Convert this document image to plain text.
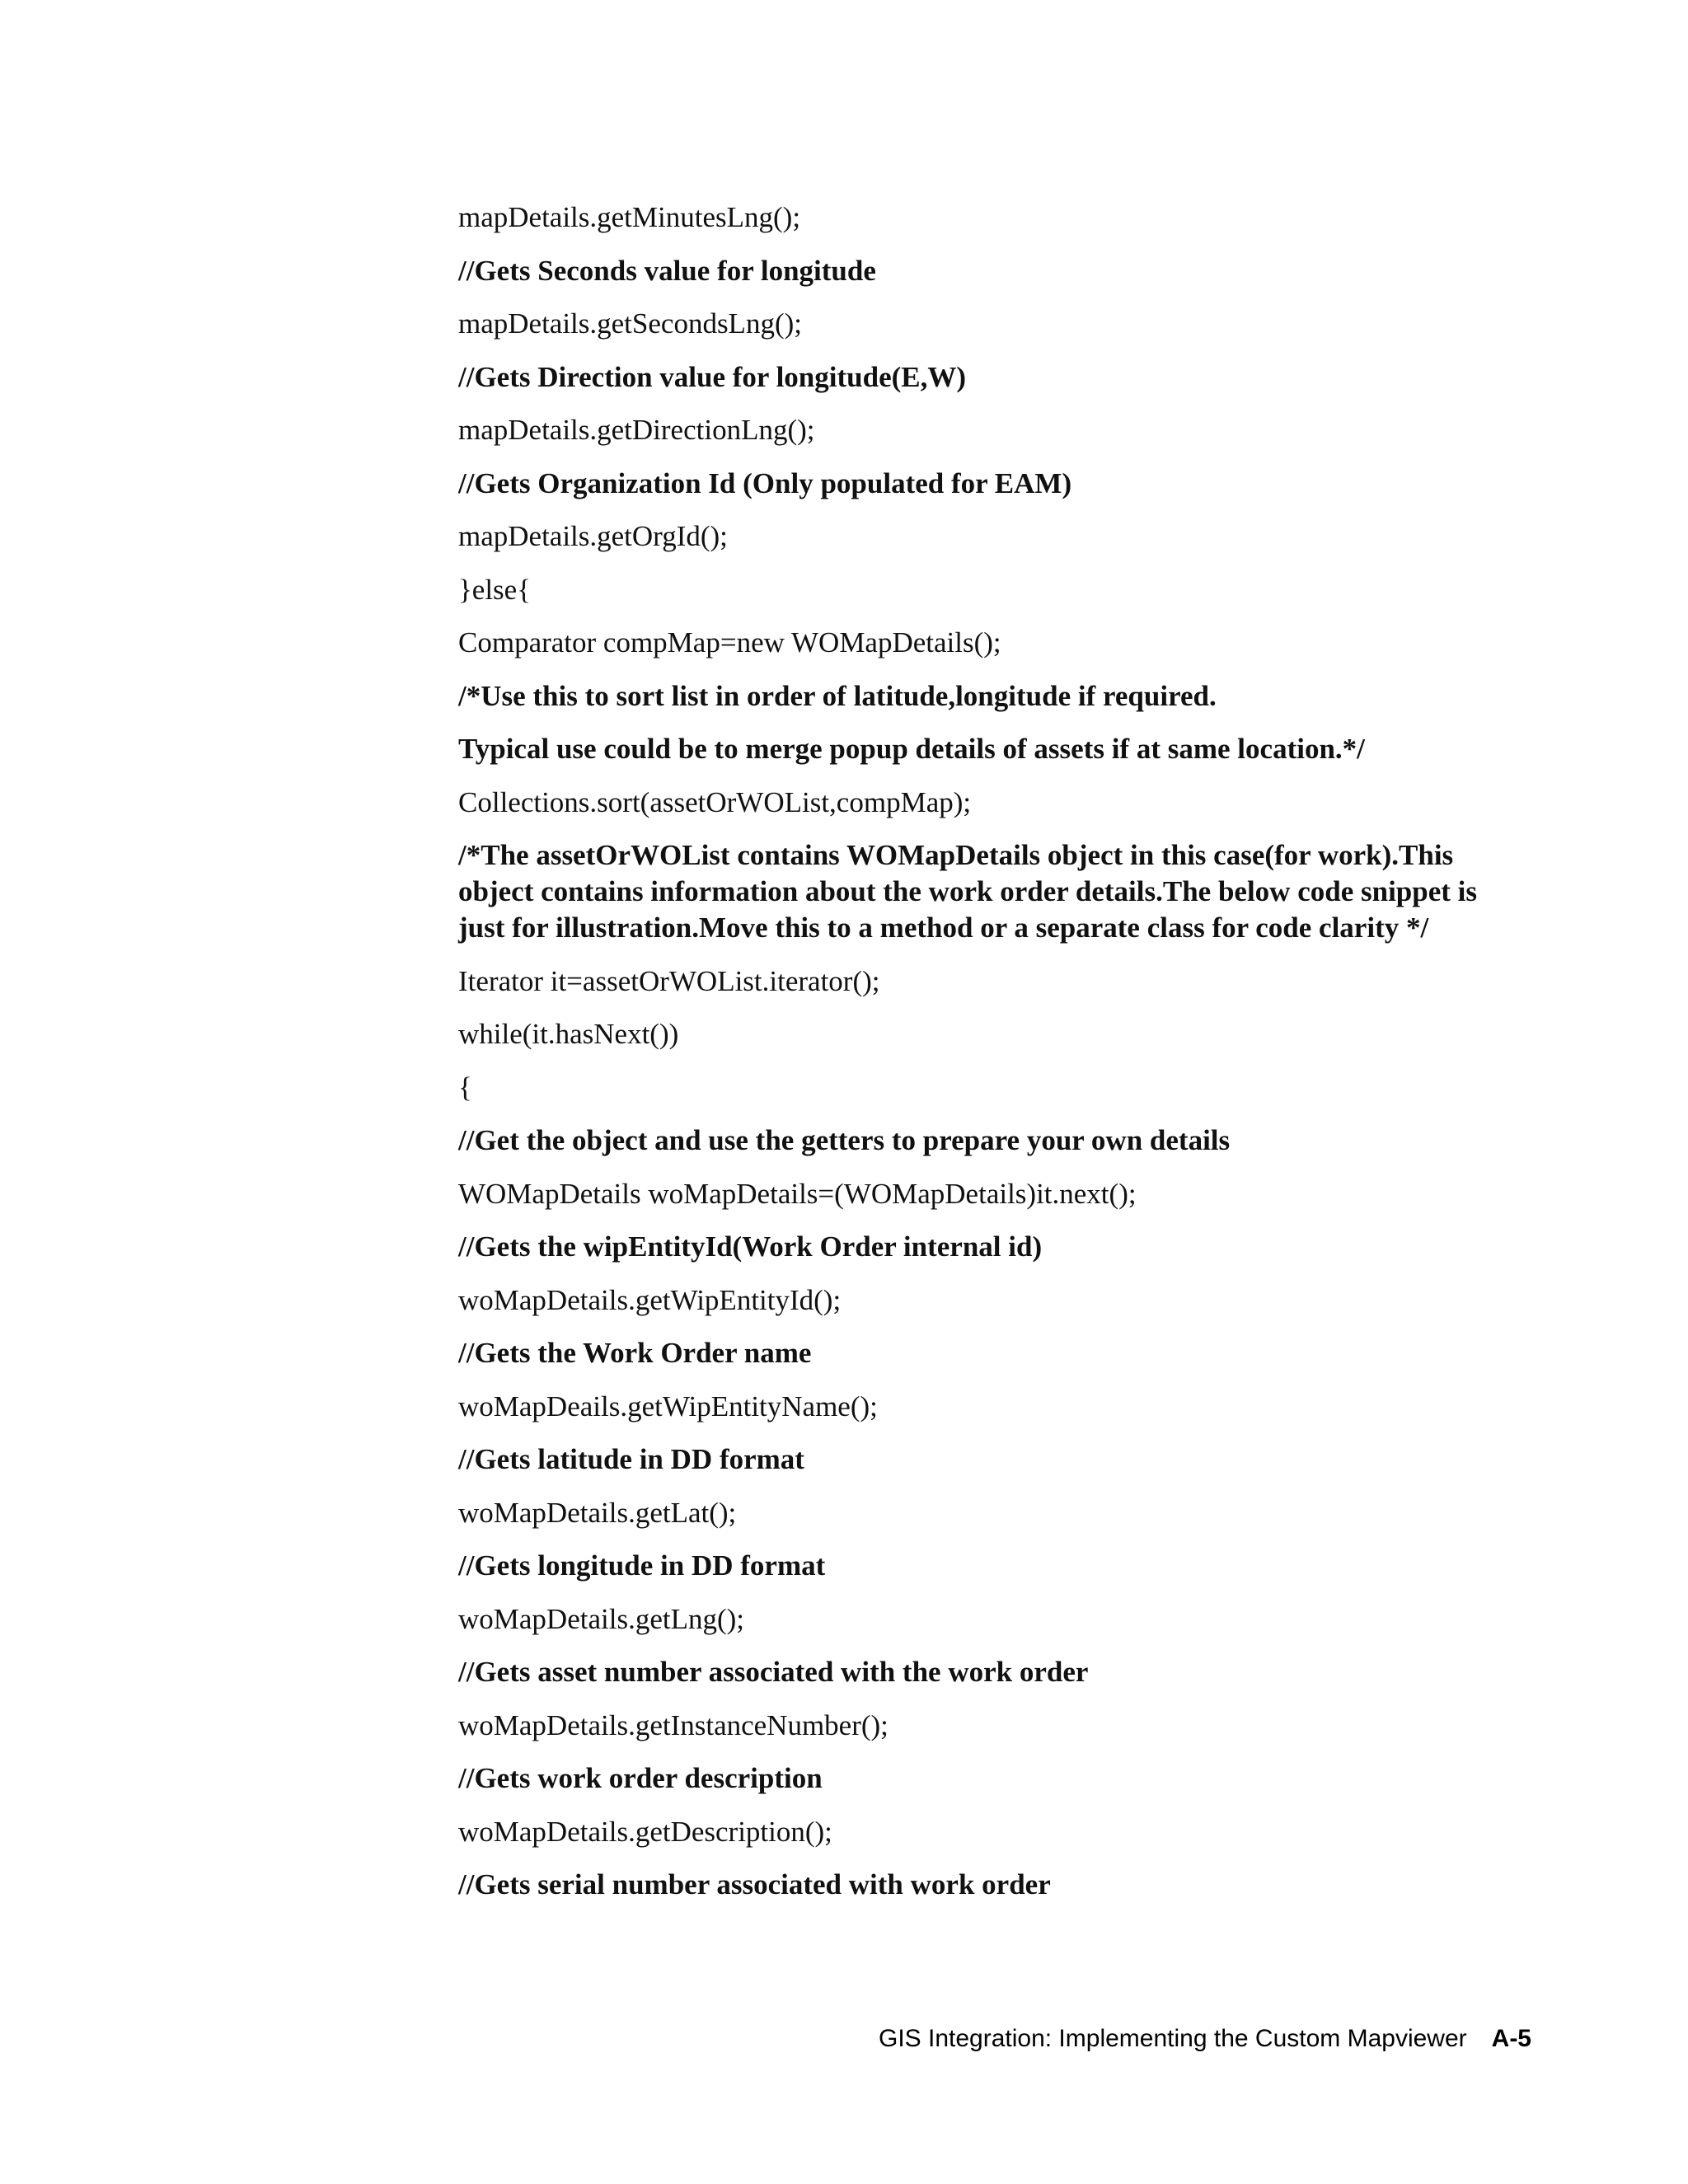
mapDetails.getMinutesLng();

//Gets Seconds value for longitude

mapDetails.getSecondsLng();

//Gets Direction value for longitude(E,W)

mapDetails.getDirectionLng();

//Gets Organization Id (Only populated for EAM)

mapDetails.getOrgId();

}else{

Comparator compMap=new WOMapDetails();

/*Use this to sort list in order of latitude,longitude if required.

Typical use could be to merge popup details of assets if at same location.*/

Collections.sort(assetOrWOList,compMap);

/*The assetOrWOList contains WOMapDetails object in this case(for work).This object contains information about the work order details.The below code snippet is just for illustration.Move this to a method or a separate class for code clarity */

Iterator it=assetOrWOList.iterator();

while(it.hasNext())

{

//Get the object and use the getters to prepare your own details

WOMapDetails woMapDetails=(WOMapDetails)it.next();

//Gets the wipEntityId(Work Order internal id)

woMapDetails.getWipEntityId();

//Gets the Work Order name

woMapDeails.getWipEntityName();

//Gets latitude in DD format

woMapDetails.getLat();

//Gets longitude in DD format

woMapDetails.getLng();

//Gets asset number associated with the work order

woMapDetails.getInstanceNumber();

//Gets work order description

woMapDetails.getDescription();

//Gets serial number associated with work order

GIS Integration: Implementing the Custom Mapviewer A-5
